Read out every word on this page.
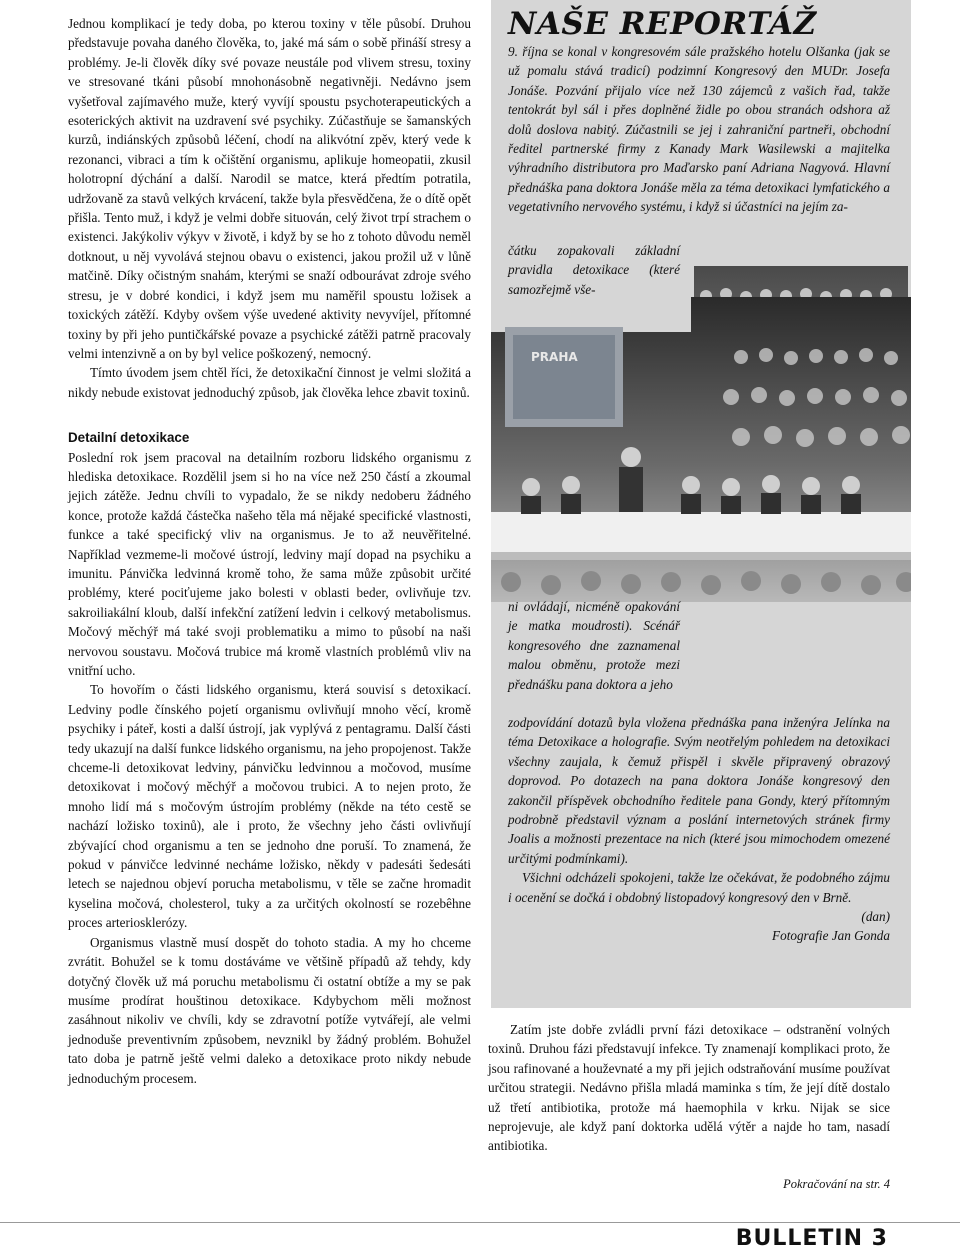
Jednou komplikací je tedy doba, po kterou toxiny v těle působí. Druhou představuje povaha daného člověka, to, jaké má sám o sobě přináší stresy a problémy. Je-li člověk díky své povaze neustále pod vlivem stresu, toxiny ve stresované tkáni působí mnohonásobně negativněji. Nedávno jsem vyšetřoval zajímavého muže, který vyvíjí spoustu psychoterapeutických a esoterických aktivit na uzdravení své psychiky. Zúčastňuje se šamanských kurzů, indiánských způsobů léčení, chodí na alikvótní zpěv, který vede k rezonanci, vibraci a tím k očištění organismu, aplikuje homeopatii, zkusil holotropní dýchání a další. Narodil se matce, která předtím potratila, udržovaně za stavů velkých krvácení, takže byla přesvědčena, že o dítě opět přišla. Tento muž, i když je velmi dobře situován, celý život trpí strachem o existenci. Jakýkoliv výkyv v životě, i když by se ho z tohoto důvodu neměl dotknout, u něj vyvolává stejnou obavu o existenci, jakou prožil už v lůně matčině. Díky očistným snahám, kterými se snaží odbourávat zdroje svého stresu, je v dobré kondici, i když jsem mu naměřil spoustu ložisek a toxických zátěží. Kdyby ovšem výše uvedené aktivity nevyvíjel, přítomné toxiny by při jeho puntičkářské povaze a psychické zátěži patrně pracovaly velmi intenzivně a on by byl velice poškozený, nemocný.

Tímto úvodem jsem chtěl říci, že detoxikační činnost je velmi složitá a nikdy nebude existovat jednoduchý způsob, jak člověka lehce zbavit toxinů.

Detailní detoxikace

Poslední rok jsem pracoval na detailním rozboru lidského organismu z hlediska detoxikace. Rozdělil jsem si ho na více než 250 částí a zkoumal jejich zátěže. Jednu chvíli to vypadalo, že se nikdy nedoberu žádného konce, protože každá částečka našeho těla má nějaké specifické vlastnosti, funkce a také specifický vliv na organismus. Je to až neuvěřitelné. Například vezmeme-li močové ústrojí, ledviny mají dopad na psychiku a imunitu. Pánvička ledvinná kromě toho, že sama může způsobit určité problémy, které pociťujeme jako bolesti v oblasti beder, ovlivňuje tzv. sakroiliakální kloub, další infekční zatížení ledvin i celkový metabolismus. Močový měchýř má také svoji problematiku a mimo to působí na naši nervovou soustavu. Močová trubice má kromě vlastních problémů vliv na vnitřní ucho.

To hovořím o části lidského organismu, která souvisí s detoxikací. Ledviny podle čínského pojetí organismu ovlivňují mnoho věcí, kromě psychiky i páteř, kosti a další ústrojí, jak vyplývá z pentagramu. Další části tedy ukazují na další funkce lidského organismu, na jeho propojenost. Takže chceme-li detoxikovat ledviny, pánvičku ledvinnou a močovod, musíme detoxikovat i močový měchýř a močovou trubici. A to nejen proto, že mnoho lidí má s močovým ústrojím problémy (někde na této cestě se nachází ložisko toxinů), ale i proto, že všechny jeho části ovlivňují zbývající chod organismu a ten se jednoho dne poruší. To znamená, že pokud v pánvičce ledvinné necháme ložisko, někdy v padesáti šedesáti letech se najednou objeví porucha metabolismu, v těle se začne hromadit kyselina močová, cholesterol, tuky a za určitých okolností se rozebêhne proces arteriosklerózy.

Organismus vlastně musí dospět do tohoto stadia. A my ho chceme zvrátit. Bohužel se k tomu dostáváme ve většině případů až tehdy, kdy dotyčný člověk už má poruchu metabolismu či ostatní obtíže a my se pak musíme prodírat houštinou detoxikace. Kdybychom měli možnost zasáhnout nikoliv ve chvíli, kdy se zdravotní potíže vytvářejí, ale velmi jednoduše preventivním způsobem, nevznikl by žádný problém. Bohužel tato doba je patrně ještě velmi daleko a detoxikace proto nikdy nebude jednoduchým procesem.

NAŠE REPORTÁŽ

9. října se konal v kongresovém sále pražského hotelu Olšanka (jak se už pomalu stává tradicí) podzimní Kongresový den MUDr. Josefa Jonáše. Pozvání přijalo více než 130 zájemců z vašich řad, takže tentokrát byl sál i přes doplněné židle po obou stranách odshora až dolů doslova nabitý. Zúčastnili se jej i zahraniční partneři, obchodní ředitel partnerské firmy z Kanady Mark Wasilewski a majitelka výhradního distributora pro Maďarsko paní Adriana Nagyová. Hlavní přednáška pana doktora Jonáše měla za téma detoxikaci lymfatického a vegetativního nervového systému, i když si účastníci na jejím za-

čátku zopakovali základní pravidla detoxikace (které samozřejmě vše-

PRAHA

ni ovládají, nicméně opakování je matka moudrosti). Scénář kongresového dne zaznamenal malou obměnu, protože mezi přednášku pana doktora a jeho

zodpovídání dotazů byla vložena přednáška pana inženýra Jelínka na téma Detoxikace a holografie. Svým neotřelým pohledem na detoxikaci všechny zaujala, k čemuž přispěl i skvěle připravený obrazový doprovod. Po dotazech na pana doktora Jonáše kongresový den zakončil příspěvek obchodního ředitele pana Gondy, který přítomným podrobně představil význam a poslání internetových stránek firmy Joalis a možnosti prezentace na nich (které jsou mimochodem omezené určitými podmínkami).

Všichni odcházeli spokojeni, takže lze očekávat, že podobného zájmu i ocenění se dočká i obdobný listopadový kongresový den v Brně.

(dan)

Fotografie Jan Gonda

Zatím jste dobře zvládli první fázi detoxikace – odstranění volných toxinů. Druhou fázi představují infekce. Ty znamenají komplikaci proto, že jsou rafinované a houževnaté a my při jejich odstraňování musíme používat určitou strategii. Nedávno přišla mladá maminka s tím, že její dítě dostalo už třetí antibiotika, protože má haemophila v krku. Nijak se sice neprojevuje, ale když paní doktorka udělá výtěr a najde ho tam, nasadí antibiotika.

Pokračování na str. 4
BULLETIN 3
